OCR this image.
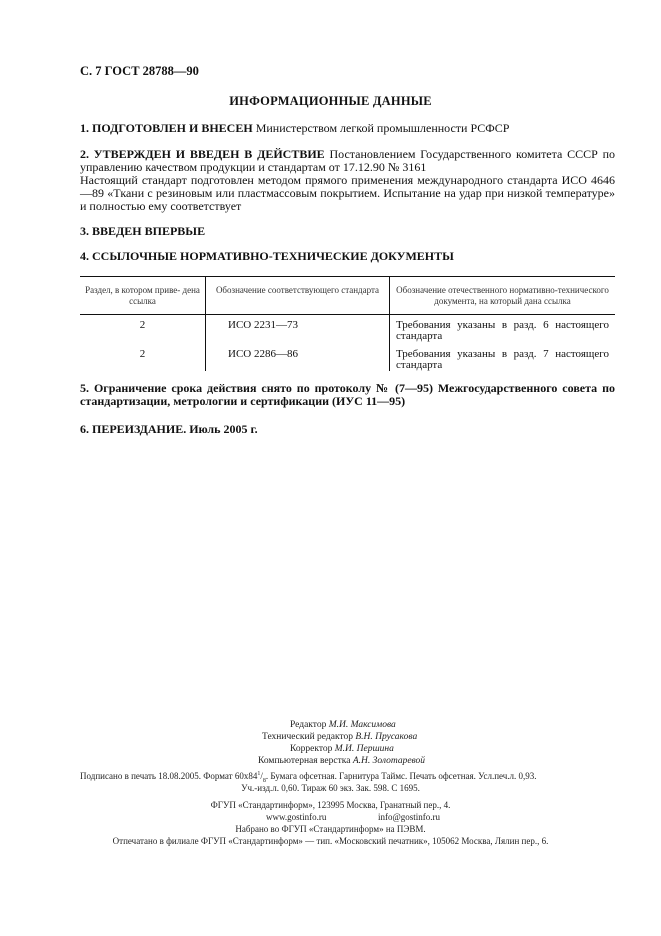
С. 7 ГОСТ 28788—90
ИНФОРМАЦИОННЫЕ ДАННЫЕ
1. ПОДГОТОВЛЕН И ВНЕСЕН Министерством легкой промышленности РСФСР
2. УТВЕРЖДЕН И ВВЕДЕН В ДЕЙСТВИЕ Постановлением Государственного комитета СССР по управлению качеством продукции и стандартам от 17.12.90 № 3161
Настоящий стандарт подготовлен методом прямого применения международного стандарта ИСО 4646—89 «Ткани с резиновым или пластмассовым покрытием. Испытание на удар при низкой температуре» и полностью ему соответствует
3. ВВЕДЕН ВПЕРВЫЕ
4. ССЫЛОЧНЫЕ НОРМАТИВНО-ТЕХНИЧЕСКИЕ ДОКУМЕНТЫ
Раздел, в котором приве- дена ссылка	Обозначение соответствующего стандарта	Обозначение отечественного нормативно-технического документа, на который дана ссылка
2	ИСО 2231—73	Требования указаны в разд. 6 настоящего стандарта
2	ИСО 2286—86	Требования указаны в разд. 7 настоящего стандарта
5. Ограничение срока действия снято по протоколу № (7—95) Межгосударственного совета по стандартизации, метрологии и сертификации (ИУС 11—95)
6. ПЕРЕИЗДАНИЕ. Июль 2005 г.
Редактор М.И. Максимова
Технический редактор В.Н. Прусакова
Корректор М.И. Першина
Компьютерная верстка А.Н. Золотаревой
Подписано в печать 18.08.2005. Формат $60х84^1/_8$. Бумага офсетная. Гарнитура Таймс. Печать офсетная. Усл.печ.л. 0,93.
Уч.-изд.л. 0,60. Тираж 60 экз. Зак. 598. С 1695.
ФГУП «Стандартинформ», 123995 Москва, Гранатный пер., 4.
www.gostinfo.ru	info@gostinfo.ru
Набрано во ФГУП «Стандартинформ» на ПЭВМ.
Отпечатано в филиале ФГУП «Стандартинформ» — тип. «Московский печатник», 105062 Москва, Лялин пер., 6.
